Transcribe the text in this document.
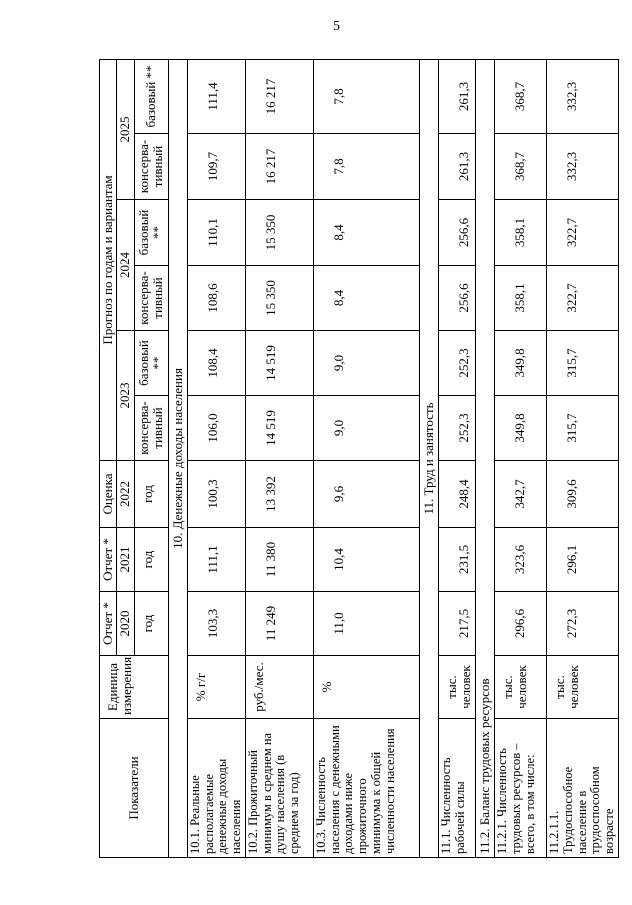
5
Показатели	Единица измерения	Отчет *	Отчет *	Оценка	Прогноз по годам и вариантам					
		2020	2021	2022	2023		2024		2025	
		год	год	год	консерва-тивный	базовый **	консерва-тивный	базовый **	консерва-тивный	базовый **

10. Денежные доходы населения										
10.1. Реальные располагаемые денежные доходы населения	% г/г	103,3	111,1	100,3	106,0	108,4	108,6	110,1	109,7	111,4
10.2. Прожиточный минимум в среднем на душу населения (в среднем за год)	руб./мес.	11 249	11 380	13 392	14 519	14 519	15 350	15 350	16 217	16 217
10.3. Численность населения с денежными доходами ниже прожиточного минимума к общей численности населения	%	11,0	10,4	9,6	9,0	9,0	8,4	8,4	7,8	7,8
11. Труд и занятость										
11.1. Численность рабочей силы	тыс. человек	217,5	231,5	248,4	252,3	252,3	256,6	256,6	261,3	261,3
11.2. Баланс трудовых ресурсов										
11.2.1. Численность трудовых ресурсов – всего, в том числе:	тыс. человек	296,6	323,6	342,7	349,8	349,8	358,1	358,1	368,7	368,7
11.2.1.1. Трудоспособное население в трудоспособном возрасте	тыс. человек	272,3	296,1	309,6	315,7	315,7	322,7	322,7	332,3	332,3
